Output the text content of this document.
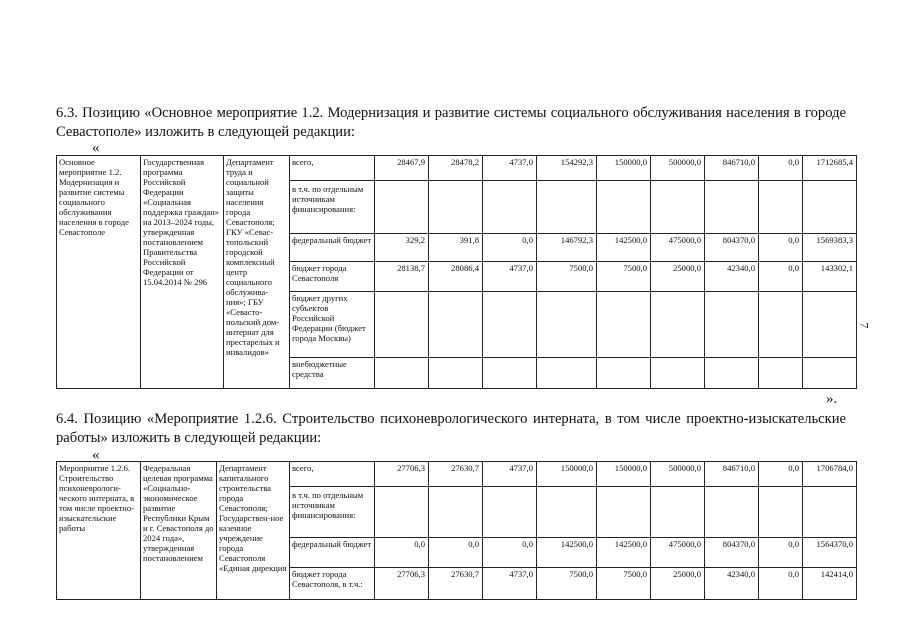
6.3. Позицию «Основное мероприятие 1.2. Модернизация и развитие системы социального обслуживания населения в городе Севастополе» изложить в следующей редакции:
«
Основное мероприятие 1.2. Модернизация и развитие системы социального обслуживания населения в городе Севастополе	Государственная программа Российской Федерации «Социальная поддержка граждан» на 2013–2024 годы, утвержденная постановлением Правительства Российской Федерации от 15.04.2014 № 296	Департамент труда и социальной защиты населения города Севастополя; ГКУ «Севас-топольский городской комплексный центр социального обслужива-ния»; ГБУ «Севасто-польский дом-интернат для престарелых и инвалидов»	всего,	28467,9	28478,2	4737,0	154292,3	150000,0	500000,0	846710,0	0,0	1712685,4
			в т.ч. по отдельным источникам финансирования:									
			федеральный бюджет	329,2	391,8	0,0	146792,3	142500,0	475000,0	804370,0	0,0	1569383,3
			бюджет города Севастополя	28138,7	28086,4	4737,0	7500,0	7500,0	25000,0	42340,0	0,0	143302,1
			бюджет других субъектов Российской Федерации (бюджет города Москвы)									
			внебюджетные средства									
».
6.4. Позицию «Мероприятие 1.2.6. Строительство психоневрологического интерната, в том числе проектно-изыскательские работы» изложить в следующей редакции:
«
Мероприятие 1.2.6. Строительство психоневрологи-ческого интерната, в том числе проектно-изыскательские работы	Федеральная целевая программа «Социально-экономическое развитие Республики Крым и г. Севастополя до 2024 года», утвержденная постановлением	Департамент капитального строительства города Севастополя; Государствен-ное казенное учреждение города Севастополя «Единая дирекция	всего,	27706,3	27630,7	4737,0	150000,0	150000,0	500000,0	846710,0	0,0	1706784,0
			в т.ч. по отдельным источникам финансирования:									
			федеральный бюджет	0,0	0,0	0,0	142500,0	142500,0	475000,0	804370,0	0,0	1564370,0
			бюджет города Севастополя, в т.ч.:	27706,3	27630,7	4737,0	7500,0	7500,0	25000,0	42340,0	0,0	142414,0
7
